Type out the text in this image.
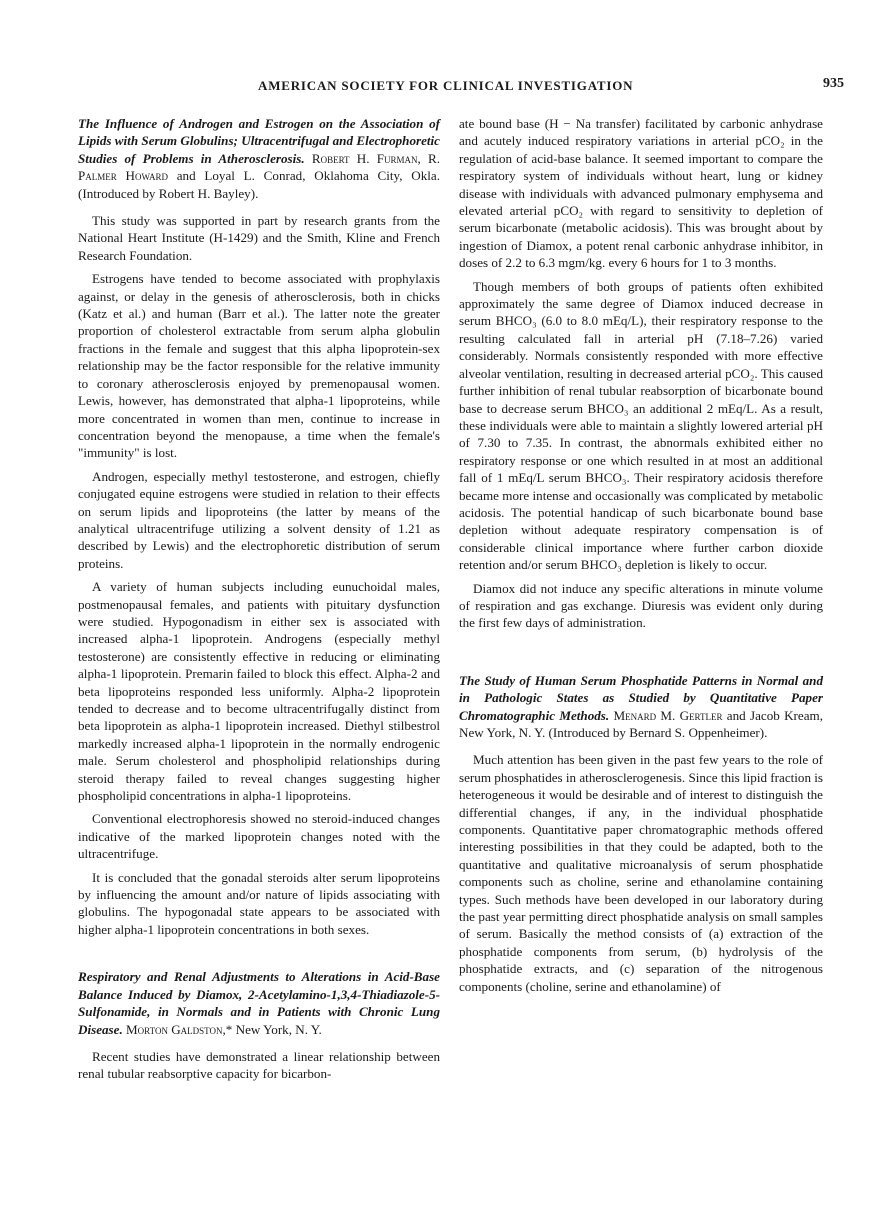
AMERICAN SOCIETY FOR CLINICAL INVESTIGATION	935
The Influence of Androgen and Estrogen on the Association of Lipids with Serum Globulins; Ultracentrifugal and Electrophoretic Studies of Problems in Atherosclerosis. Robert H. Furman, R. Palmer Howard and Loyal L. Conrad, Oklahoma City, Okla. (Introduced by Robert H. Bayley).

This study was supported in part by research grants from the National Heart Institute (H-1429) and the Smith, Kline and French Research Foundation.

Estrogens have tended to become associated with prophylaxis against, or delay in the genesis of atherosclerosis, both in chicks (Katz et al.) and human (Barr et al.). The latter note the greater proportion of cholesterol extractable from serum alpha globulin fractions in the female and suggest that this alpha lipoprotein-sex relationship may be the factor responsible for the relative immunity to coronary atherosclerosis enjoyed by premenopausal women. Lewis, however, has demonstrated that alpha-1 lipoproteins, while more concentrated in women than men, continue to increase in concentration beyond the menopause, a time when the female's "immunity" is lost.

Androgen, especially methyl testosterone, and estrogen, chiefly conjugated equine estrogens were studied in relation to their effects on serum lipids and lipoproteins (the latter by means of the analytical ultracentrifuge utilizing a solvent density of 1.21 as described by Lewis) and the electrophoretic distribution of serum proteins.

A variety of human subjects including eunuchoidal males, postmenopausal females, and patients with pituitary dysfunction were studied. Hypogonadism in either sex is associated with increased alpha-1 lipoprotein. Androgens (especially methyl testosterone) are consistently effective in reducing or eliminating alpha-1 lipoprotein. Premarin failed to block this effect. Alpha-2 and beta lipoproteins responded less uniformly. Alpha-2 lipoprotein tended to decrease and to become ultracentrifugally distinct from beta lipoprotein as alpha-1 lipoprotein increased. Diethyl stilbestrol markedly increased alpha-1 lipoprotein in the normally endrogenic male. Serum cholesterol and phospholipid relationships during steroid therapy failed to reveal changes suggesting higher phospholipid concentrations in alpha-1 lipoproteins.

Conventional electrophoresis showed no steroid-induced changes indicative of the marked lipoprotein changes noted with the ultracentrifuge.

It is concluded that the gonadal steroids alter serum lipoproteins by influencing the amount and/or nature of lipids associating with globulins. The hypogonadal state appears to be associated with higher alpha-1 lipoprotein concentrations in both sexes.

Respiratory and Renal Adjustments to Alterations in Acid-Base Balance Induced by Diamox, 2-Acetylamino-1,3,4-Thiadiazole-5-Sulfonamide, in Normals and in Patients with Chronic Lung Disease. Morton Galdston,* New York, N. Y.

Recent studies have demonstrated a linear relationship between renal tubular reabsorptive capacity for bicarbon-

ate bound base (H − Na transfer) facilitated by carbonic anhydrase and acutely induced respiratory variations in arterial pCO₂ in the regulation of acid-base balance. It seemed important to compare the respiratory system of individuals without heart, lung or kidney disease with individuals with advanced pulmonary emphysema and elevated arterial pCO₂ with regard to sensitivity to depletion of serum bicarbonate (metabolic acidosis). This was brought about by ingestion of Diamox, a potent renal carbonic anhydrase inhibitor, in doses of 2.2 to 6.3 mgm/kg. every 6 hours for 1 to 3 months.

Though members of both groups of patients often exhibited approximately the same degree of Diamox induced decrease in serum BHCO₃ (6.0 to 8.0 mEq/L), their respiratory response to the resulting calculated fall in arterial pH (7.18–7.26) varied considerably. Normals consistently responded with more effective alveolar ventilation, resulting in decreased arterial pCO₂. This caused further inhibition of renal tubular reabsorption of bicarbonate bound base to decrease serum BHCO₃ an additional 2 mEq/L. As a result, these individuals were able to maintain a slightly lowered arterial pH of 7.30 to 7.35. In contrast, the abnormals exhibited either no respiratory response or one which resulted in at most an additional fall of 1 mEq/L serum BHCO₃. Their respiratory acidosis therefore became more intense and occasionally was complicated by metabolic acidosis. The potential handicap of such bicarbonate bound base depletion without adequate respiratory compensation is of considerable clinical importance where further carbon dioxide retention and/or serum BHCO₃ depletion is likely to occur.

Diamox did not induce any specific alterations in minute volume of respiration and gas exchange. Diuresis was evident only during the first few days of administration.

The Study of Human Serum Phosphatide Patterns in Normal and in Pathologic States as Studied by Quantitative Paper Chromatographic Methods. Menard M. Gertler and Jacob Kream, New York, N. Y. (Introduced by Bernard S. Oppenheimer).

Much attention has been given in the past few years to the role of serum phosphatides in atherosclerogenesis. Since this lipid fraction is heterogeneous it would be desirable and of interest to distinguish the differential changes, if any, in the individual phosphatide components. Quantitative paper chromatographic methods offered interesting possibilities in that they could be adapted, both to the quantitative and qualitative microanalysis of serum phosphatide components such as choline, serine and ethanolamine containing types. Such methods have been developed in our laboratory during the past year permitting direct phosphatide analysis on small samples of serum. Basically the method consists of (a) extraction of the phosphatide components from serum, (b) hydrolysis of the phosphatide extracts, and (c) separation of the nitrogenous components (choline, serine and ethanolamine) of
